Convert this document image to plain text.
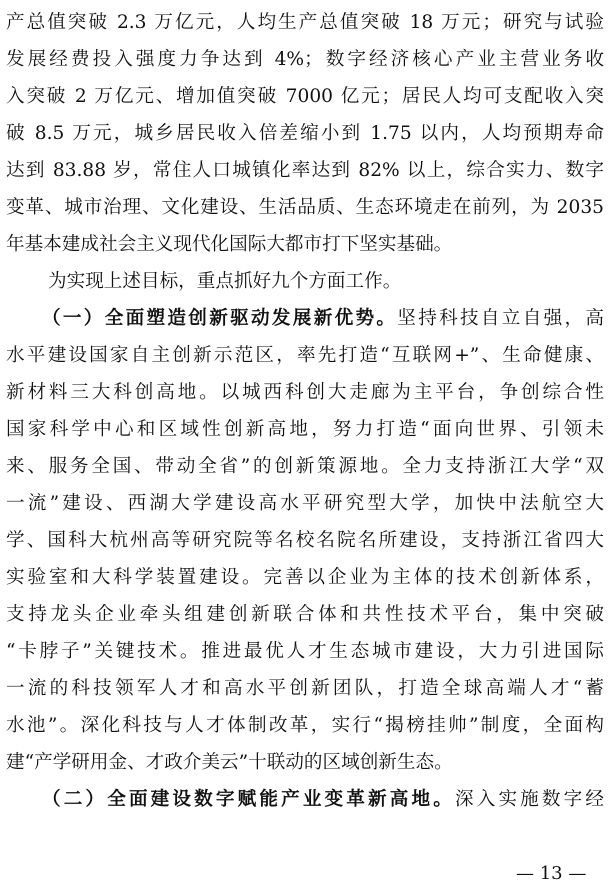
产总值突破 2.3 万亿元，人均生产总值突破 18 万元；研究与试验
发展经费投入强度力争达到 4%；数字经济核心产业主营业务收
入突破 2 万亿元、增加值突破 7000 亿元；居民人均可支配收入突
破 8.5 万元，城乡居民收入倍差缩小到 1.75 以内，人均预期寿命
达到 83.88 岁，常住人口城镇化率达到 82% 以上，综合实力、数字
变革、城市治理、文化建设、生活品质、生态环境走在前列，为 2035
年基本建成社会主义现代化国际大都市打下坚实基础。
为实现上述目标，重点抓好九个方面工作。
（一）全面塑造创新驱动发展新优势。坚持科技自立自强，高
水平建设国家自主创新示范区，率先打造“互联网+”、生命健康、
新材料三大科创高地。以城西科创大走廊为主平台，争创综合性
国家科学中心和区域性创新高地，努力打造“面向世界、引领未
来、服务全国、带动全省”的创新策源地。全力支持浙江大学“双
一流”建设、西湖大学建设高水平研究型大学，加快中法航空大
学、国科大杭州高等研究院等名校名院名所建设，支持浙江省四大
实验室和大科学装置建设。完善以企业为主体的技术创新体系，
支持龙头企业牵头组建创新联合体和共性技术平台，集中突破
“卡脖子”关键技术。推进最优人才生态城市建设，大力引进国际
一流的科技领军人才和高水平创新团队，打造全球高端人才“蓄
水池”。深化科技与人才体制改革，实行“揭榜挂帅”制度，全面构
建“产学研用金、才政介美云”十联动的区域创新生态。
（二）全面建设数字赋能产业变革新高地。深入实施数字经
— 13 —
